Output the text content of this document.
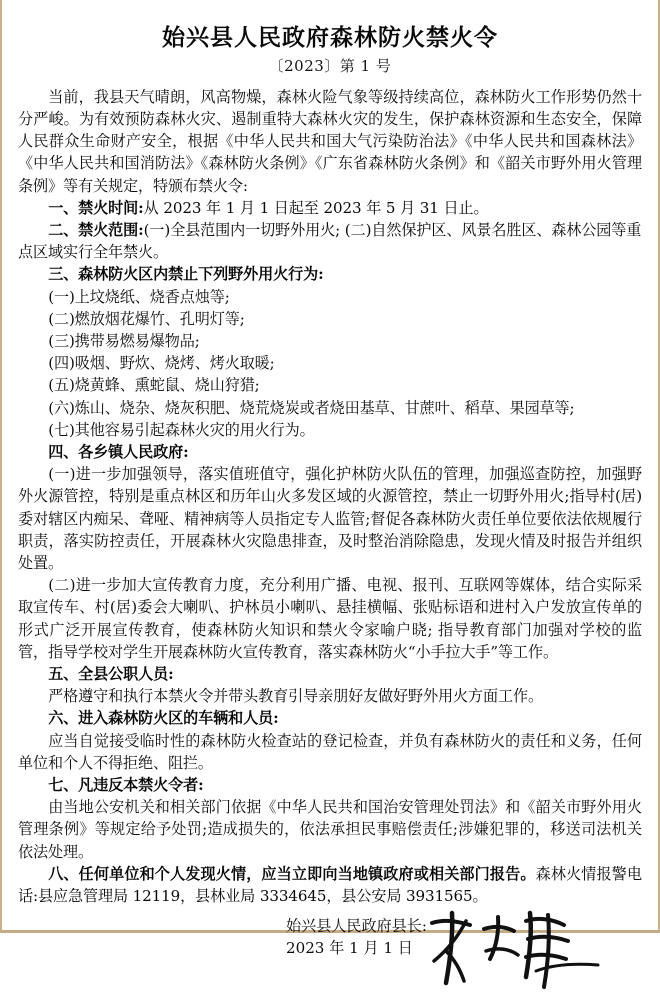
始兴县人民政府森林防火禁火令
〔2023〕第 1 号

当前，我县天气晴朗，风高物燥，森林火险气象等级持续高位，森林防火工作形势仍然十分严峻。为有效预防森林火灾、遏制重特大森林火灾的发生，保护森林资源和生态安全，保障人民群众生命财产安全，根据《中华人民共和国大气污染防治法》《中华人民共和国森林法》《中华人民共和国消防法》《森林防火条例》《广东省森林防火条例》和《韶关市野外用火管理条例》等有关规定，特颁布禁火令:

一、禁火时间:从 2023 年 1 月 1 日起至 2023 年 5 月 31 日止。

二、禁火范围:(一)全县范围内一切野外用火; (二)自然保护区、风景名胜区、森林公园等重点区域实行全年禁火。

三、森林防火区内禁止下列野外用火行为:

(一)上坟烧纸、烧香点烛等;

(二)燃放烟花爆竹、孔明灯等;

(三)携带易燃易爆物品;

(四)吸烟、野炊、烧烤、烤火取暖;

(五)烧黄蜂、熏蛇鼠、烧山狩猎;

(六)炼山、烧杂、烧灰积肥、烧荒烧炭或者烧田基草、甘蔗叶、稻草、果园草等;

(七)其他容易引起森林火灾的用火行为。

四、各乡镇人民政府:

(一)进一步加强领导，落实值班值守，强化护林防火队伍的管理，加强巡查防控，加强野外火源管控，特别是重点林区和历年山火多发区域的火源管控，禁止一切野外用火;指导村(居)委对辖区内痴呆、聋哑、精神病等人员指定专人监管;督促各森林防火责任单位要依法依规履行职责，落实防控责任，开展森林火灾隐患排查，及时整治消除隐患，发现火情及时报告并组织处置。

(二)进一步加大宣传教育力度，充分利用广播、电视、报刊、互联网等媒体，结合实际采取宣传车、村(居)委会大喇叭、护林员小喇叭、悬挂横幅、张贴标语和进村入户发放宣传单的形式广泛开展宣传教育，使森林防火知识和禁火令家喻户晓; 指导教育部门加强对学校的监管，指导学校对学生开展森林防火宣传教育，落实森林防火“小手拉大手”等工作。

五、全县公职人员:

严格遵守和执行本禁火令并带头教育引导亲朋好友做好野外用火方面工作。

六、进入森林防火区的车辆和人员:

应当自觉接受临时性的森林防火检查站的登记检查，并负有森林防火的责任和义务，任何单位和个人不得拒绝、阻拦。

七、凡违反本禁火令者:

由当地公安机关和相关部门依据《中华人民共和国治安管理处罚法》和《韶关市野外用火管理条例》等规定给予处罚;造成损失的，依法承担民事赔偿责任;涉嫌犯罪的，移送司法机关依法处理。

八、任何单位和个人发现火情，应当立即向当地镇政府或相关部门报告。森林火情报警电话:县应急管理局 12119，县林业局 3334645，县公安局 3931565。

始兴县人民政府县长:
2023 年 1 月 1 日
